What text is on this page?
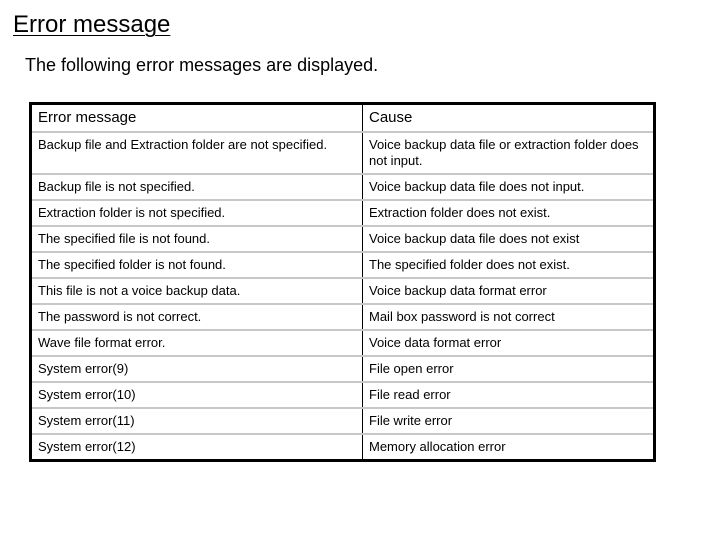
Error message
The following error messages are displayed.
Error message	Cause
Backup file and Extraction folder are not specified.	Voice backup data file or extraction folder does not input.
Backup file is not specified.	Voice backup data file does not input.
Extraction folder is not specified.	Extraction folder does not exist.
The specified file is not found.	Voice backup data file does not exist
The specified folder is not found.	The specified folder does not exist.
This file is not a voice backup data.	Voice backup data format error
The password is not correct.	Mail box password is not correct
Wave file format error.	Voice data format error
System error(9)	File open error
System error(10)	File read error
System error(11)	File write error
System error(12)	Memory allocation error
